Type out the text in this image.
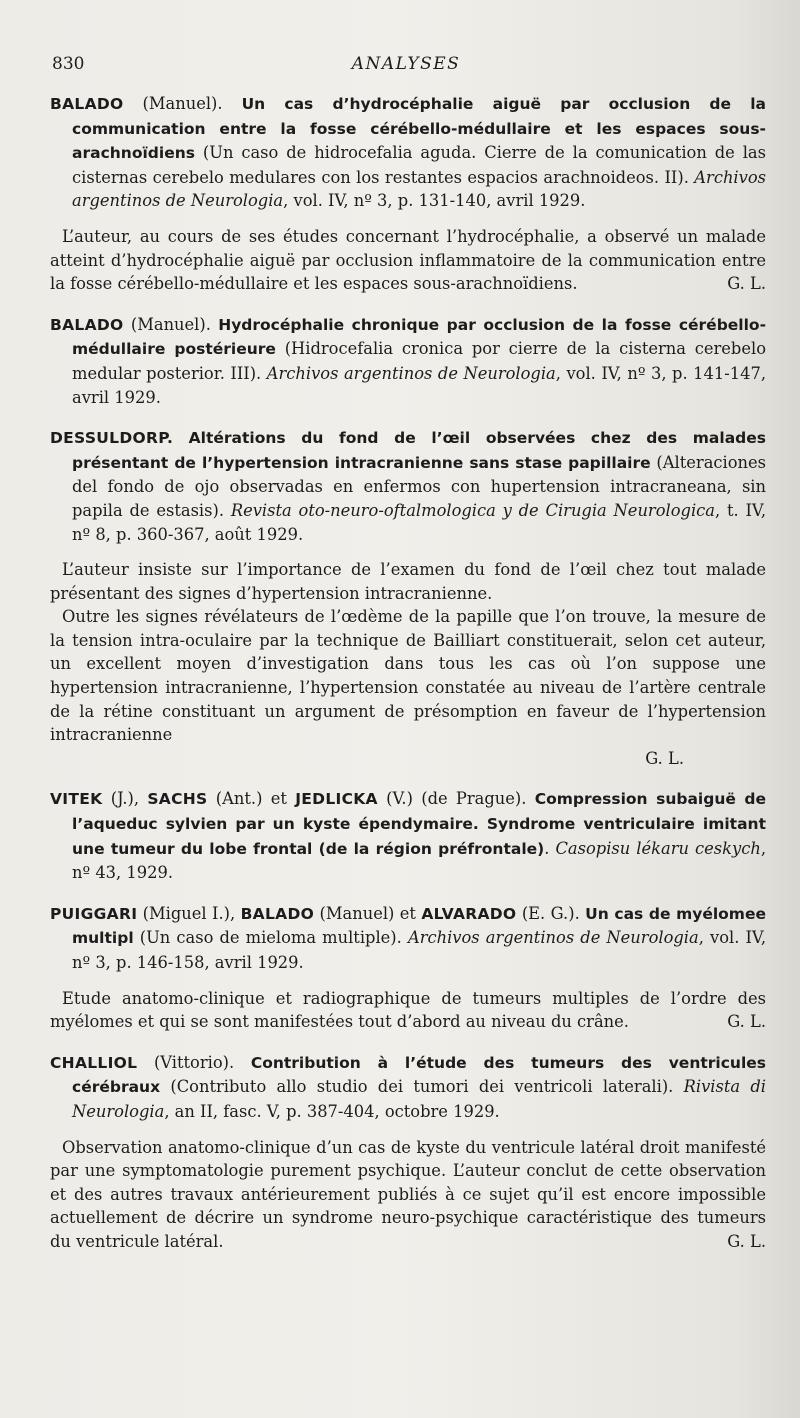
830	ANALYSES

BALADO (Manuel). Un cas d’hydrocéphalie aiguë par occlusion de la communication entre la fosse cérébello-médullaire et les espaces sous-arachnoïdiens (Un caso de hidrocefalia aguda. Cierre de la comunication de las cisternas cerebelo medulares con los restantes espacios arachnoideos. II). Archivos argentinos de Neurologia, vol. IV, nº 3, p. 131-140, avril 1929.

L’auteur, au cours de ses études concernant l’hydrocéphalie, a observé un malade atteint d’hydrocéphalie aiguë par occlusion inflammatoire de la communication entre la fosse cérébello-médullaire et les espaces sous-arachnoïdiens.	G. L.

BALADO (Manuel). Hydrocéphalie chronique par occlusion de la fosse cérébello-médullaire postérieure (Hidrocefalia cronica por cierre de la cisterna cerebelo medular posterior. III). Archivos argentinos de Neurologia, vol. IV, nº 3, p. 141-147, avril 1929.

DESSULDORP. Altérations du fond de l’œil observées chez des malades présentant de l’hypertension intracranienne sans stase papillaire (Alteraciones del fondo de ojo observadas en enfermos con hupertension intracraneana, sin papila de estasis). Revista oto-neuro-oftalmologica y de Cirugia Neurologica, t. IV, nº 8, p. 360-367, août 1929.

L’auteur insiste sur l’importance de l’examen du fond de l’œil chez tout malade présentant des signes d’hypertension intracranienne.

Outre les signes révélateurs de l’œdème de la papille que l’on trouve, la mesure de la tension intra-oculaire par la technique de Bailliart constituerait, selon cet auteur, un excellent moyen d’investigation dans tous les cas où l’on suppose une hypertension intracranienne, l’hypertension constatée au niveau de l’artère centrale de la rétine constituant un argument de présomption en faveur de l’hypertension intracranienne

G. L.

VITEK (J.), SACHS (Ant.) et JEDLICKA (V.) (de Prague). Compression subaiguë de l’aqueduc sylvien par un kyste épendymaire. Syndrome ventriculaire imitant une tumeur du lobe frontal (de la région préfrontale). Casopisu lékaru ceskych, nº 43, 1929.

PUIGGARI (Miguel I.), BALADO (Manuel) et ALVARADO (E. G.). Un cas de myélomee multipl (Un caso de mieloma multiple). Archivos argentinos de Neurologia, vol. IV, nº 3, p. 146-158, avril 1929.

Etude anatomo-clinique et radiographique de tumeurs multiples de l’ordre des myélomes et qui se sont manifestées tout d’abord au niveau du crâne.	G. L.

CHALLIOL (Vittorio). Contribution à l’étude des tumeurs des ventricules cérébraux (Contributo allo studio dei tumori dei ventricoli laterali). Rivista di Neurologia, an II, fasc. V, p. 387-404, octobre 1929.

Observation anatomo-clinique d’un cas de kyste du ventricule latéral droit manifesté par une symptomatologie purement psychique. L’auteur conclut de cette observation et des autres travaux antérieurement publiés à ce sujet qu’il est encore impossible actuellement de décrire un syndrome neuro-psychique caractéristique des tumeurs du ventricule latéral.	G. L.
